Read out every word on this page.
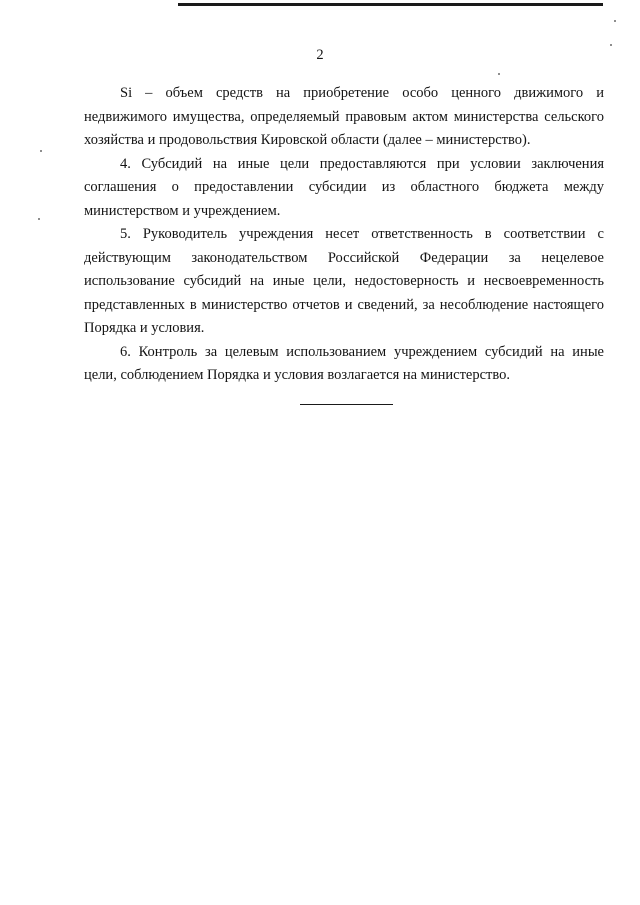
2

Si – объем средств на приобретение особо ценного движимого и недвижимого имущества, определяемый правовым актом министерства сельского хозяйства и продовольствия Кировской области (далее – министерство).

4. Субсидий на иные цели предоставляются при условии заключения соглашения о предоставлении субсидии из областного бюджета между министерством и учреждением.

5. Руководитель учреждения несет ответственность в соответствии с действующим законодательством Российской Федерации за нецелевое использование субсидий на иные цели, недостоверность и несвоевременность представленных в министерство отчетов и сведений, за несоблюдение настоящего Порядка и условия.

6. Контроль за целевым использованием учреждением субсидий на иные цели, соблюдением Порядка и условия возлагается на министерство.
